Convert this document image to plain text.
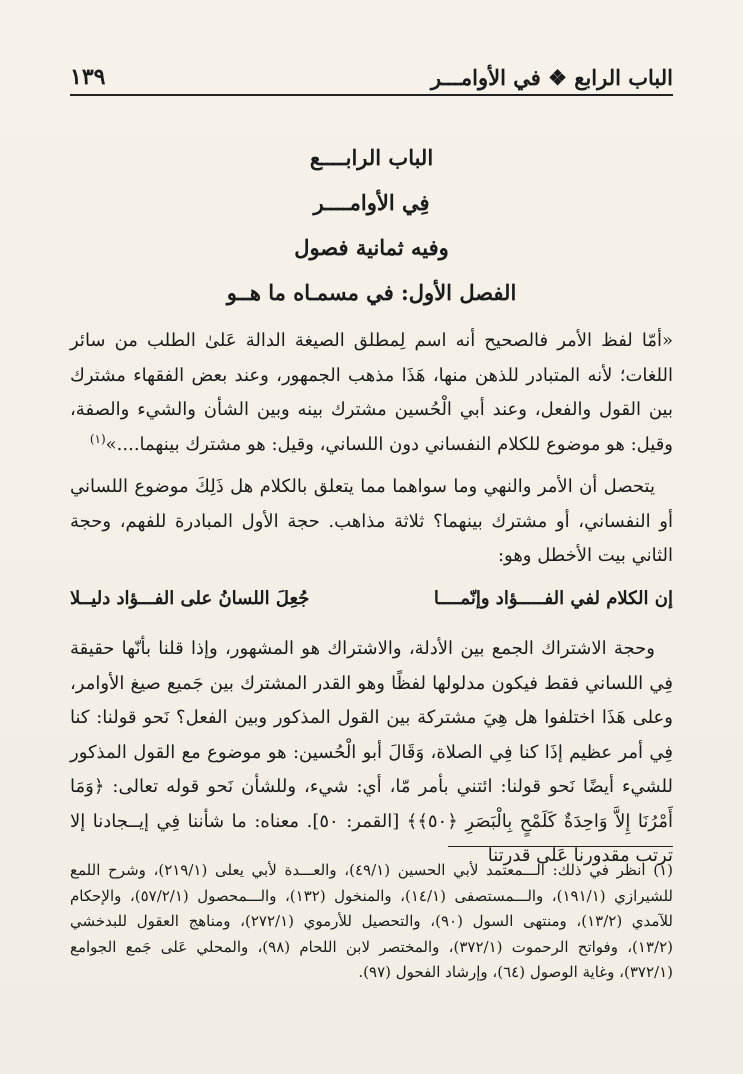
الباب الرابع ❖ في الأوامـــر
١٣٩
الباب الرابــــع
فِي الأوامــــر
وفيه ثمانية فصول
الفصل الأول: في مسمـاه ما هــو

«أمّا لفظ الأمر فالصحيح أنه اسم لِمطلق الصيغة الدالة عَلىٰ الطلب من سائر اللغات؛ لأنه المتبادر للذهن منها، هَذَا مذهب الجمهور، وعند بعض الفقهاء مشترك بين القول والفعل، وعند أبي الْحُسين مشترك بينه وبين الشأن والشيء والصفة، وقيل: هو موضوع للكلام النفساني دون اللساني، وقيل: هو مشترك بينهما....»$^{(١)}$

يتحصل أن الأمر والنهي وما سواهما مما يتعلق بالكلام هل ذَلِكَ موضوع اللساني أو النفساني، أو مشترك بينهما؟ ثلاثة مذاهب. حجة الأول المبادرة للفهم، وحجة الثاني بيت الأخطل وهو:

إن الكلام لفي الفـــــؤاد وإنّمــــا
جُعِلَ اللسانُ على الفـــؤاد دليــلا

وحجة الاشتراك الجمع بين الأدلة، والاشتراك هو المشهور، وإذا قلنا بأنّها حقيقة فِي اللساني فقط فيكون مدلولها لفظًا وهو القدر المشترك بين جَميع صيغ الأوامر، وعلى هَذَا اختلفوا هل هِيَ مشتركة بين القول المذكور وبين الفعل؟ نَحو قولنا: كنا فِي أمر عظيم إذَا كنا فِي الصلاة، وَقَالَ أبو الْحُسين: هو موضوع مع القول المذكور للشيء أيضًا نَحو قولنا: ائتني بأمر مّا، أي: شيء، وللشأن نَحو قوله تعالى: ﴿وَمَا أَمْرُنَا إِلاَّ وَاحِدَةٌ كَلَمْحٍ بِالْبَصَرِ ﴿٥٠﴾﴾ [القمر: ٥٠]. معناه: ما شأننا فِي إيــجادنا إلا ترتب مقدورنا عَلى قدرتنا

(١) انظر في ذلك: الـــمعتمد لأبي الحسين (٤٩/١)، والعـــدة لأبي يعلى (٢١٩/١)، وشرح اللمع للشيرازي (١٩١/١)، والـــمستصفى (١٤/١)، والمنخول (١٣٢)، والـــمحصول (٥٧/٢/١)، والإحكام للآمدي (١٣/٢)، ومنتهى السول (٩٠)، والتحصيل للأرموي (٢٧٢/١)، ومناهج العقول للبدخشي (١٣/٢)، وفواتح الرحموت (٣٧٢/١)، والمختصر لابن اللحام (٩٨)، والمحلي عَلى جَمع الجوامع (٣٧٢/١)، وغاية الوصول (٦٤)، وإرشاد الفحول (٩٧).
